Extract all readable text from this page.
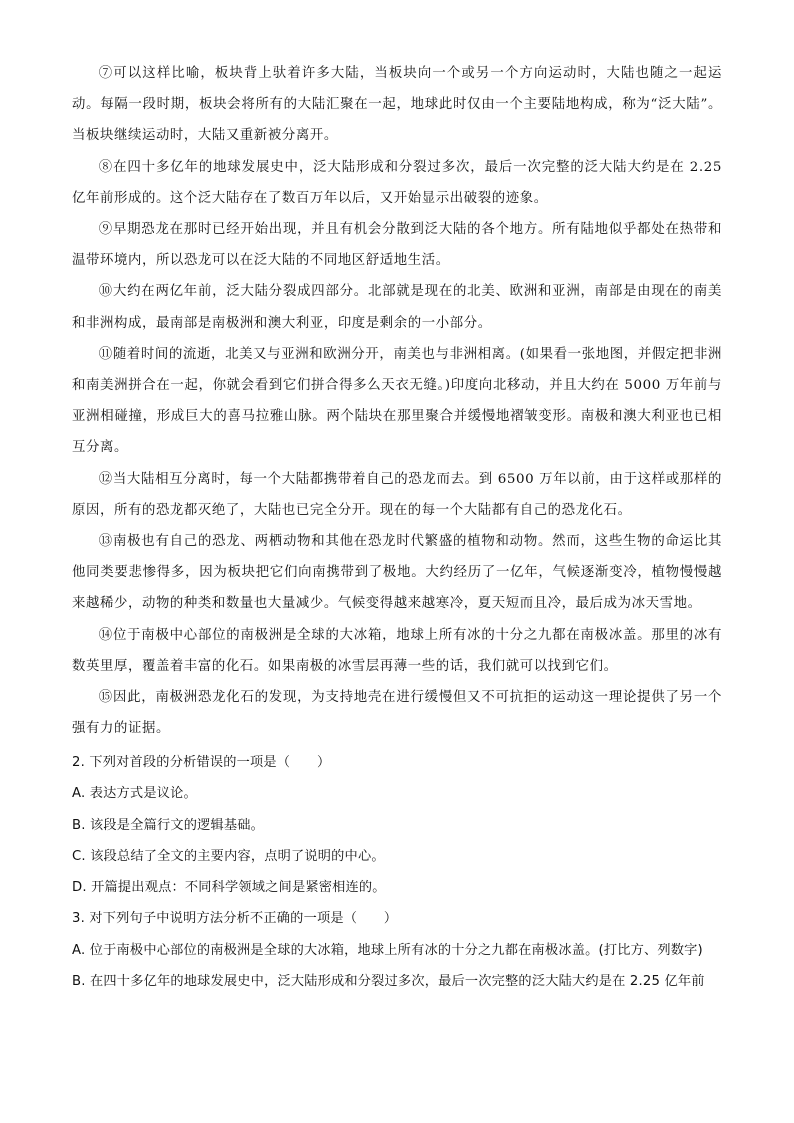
⑦可以这样比喻，板块背上驮着许多大陆，当板块向一个或另一个方向运动时，大陆也随之一起运动。每隔一段时期，板块会将所有的大陆汇聚在一起，地球此时仅由一个主要陆地构成，称为“泛大陆”。当板块继续运动时，大陆又重新被分离开。

⑧在四十多亿年的地球发展史中，泛大陆形成和分裂过多次，最后一次完整的泛大陆大约是在 2.25 亿年前形成的。这个泛大陆存在了数百万年以后，又开始显示出破裂的迹象。

⑨早期恐龙在那时已经开始出现，并且有机会分散到泛大陆的各个地方。所有陆地似乎都处在热带和温带环境内，所以恐龙可以在泛大陆的不同地区舒适地生活。

⑩大约在两亿年前，泛大陆分裂成四部分。北部就是现在的北美、欧洲和亚洲，南部是由现在的南美和非洲构成，最南部是南极洲和澳大利亚，印度是剩余的一小部分。

⑪随着时间的流逝，北美又与亚洲和欧洲分开，南美也与非洲相离。(如果看一张地图，并假定把非洲和南美洲拼合在一起，你就会看到它们拼合得多么天衣无缝。)印度向北移动，并且大约在 5000 万年前与亚洲相碰撞，形成巨大的喜马拉雅山脉。两个陆块在那里聚合并缓慢地褶皱变形。南极和澳大利亚也已相互分离。

⑫当大陆相互分离时，每一个大陆都携带着自己的恐龙而去。到 6500 万年以前，由于这样或那样的原因，所有的恐龙都灭绝了，大陆也已完全分开。现在的每一个大陆都有自己的恐龙化石。

⑬南极也有自己的恐龙、两栖动物和其他在恐龙时代繁盛的植物和动物。然而，这些生物的命运比其他同类要悲惨得多，因为板块把它们向南携带到了极地。大约经历了一亿年，气候逐渐变冷，植物慢慢越来越稀少，动物的种类和数量也大量减少。气候变得越来越寒冷，夏天短而且冷，最后成为冰天雪地。

⑭位于南极中心部位的南极洲是全球的大冰箱，地球上所有冰的十分之九都在南极冰盖。那里的冰有数英里厚，覆盖着丰富的化石。如果南极的冰雪层再薄一些的话，我们就可以找到它们。

⑮因此，南极洲恐龙化石的发现，为支持地壳在进行缓慢但又不可抗拒的运动这一理论提供了另一个强有力的证据。

2. 下列对首段的分析错误的一项是（　　）

A. 表达方式是议论。

B. 该段是全篇行文的逻辑基础。

C. 该段总结了全文的主要内容，点明了说明的中心。

D. 开篇提出观点：不同科学领域之间是紧密相连的。

3. 对下列句子中说明方法分析不正确的一项是（　　）

A. 位于南极中心部位的南极洲是全球的大冰箱，地球上所有冰的十分之九都在南极冰盖。(打比方、列数字)

B. 在四十多亿年的地球发展史中，泛大陆形成和分裂过多次，最后一次完整的泛大陆大约是在 2.25 亿年前
